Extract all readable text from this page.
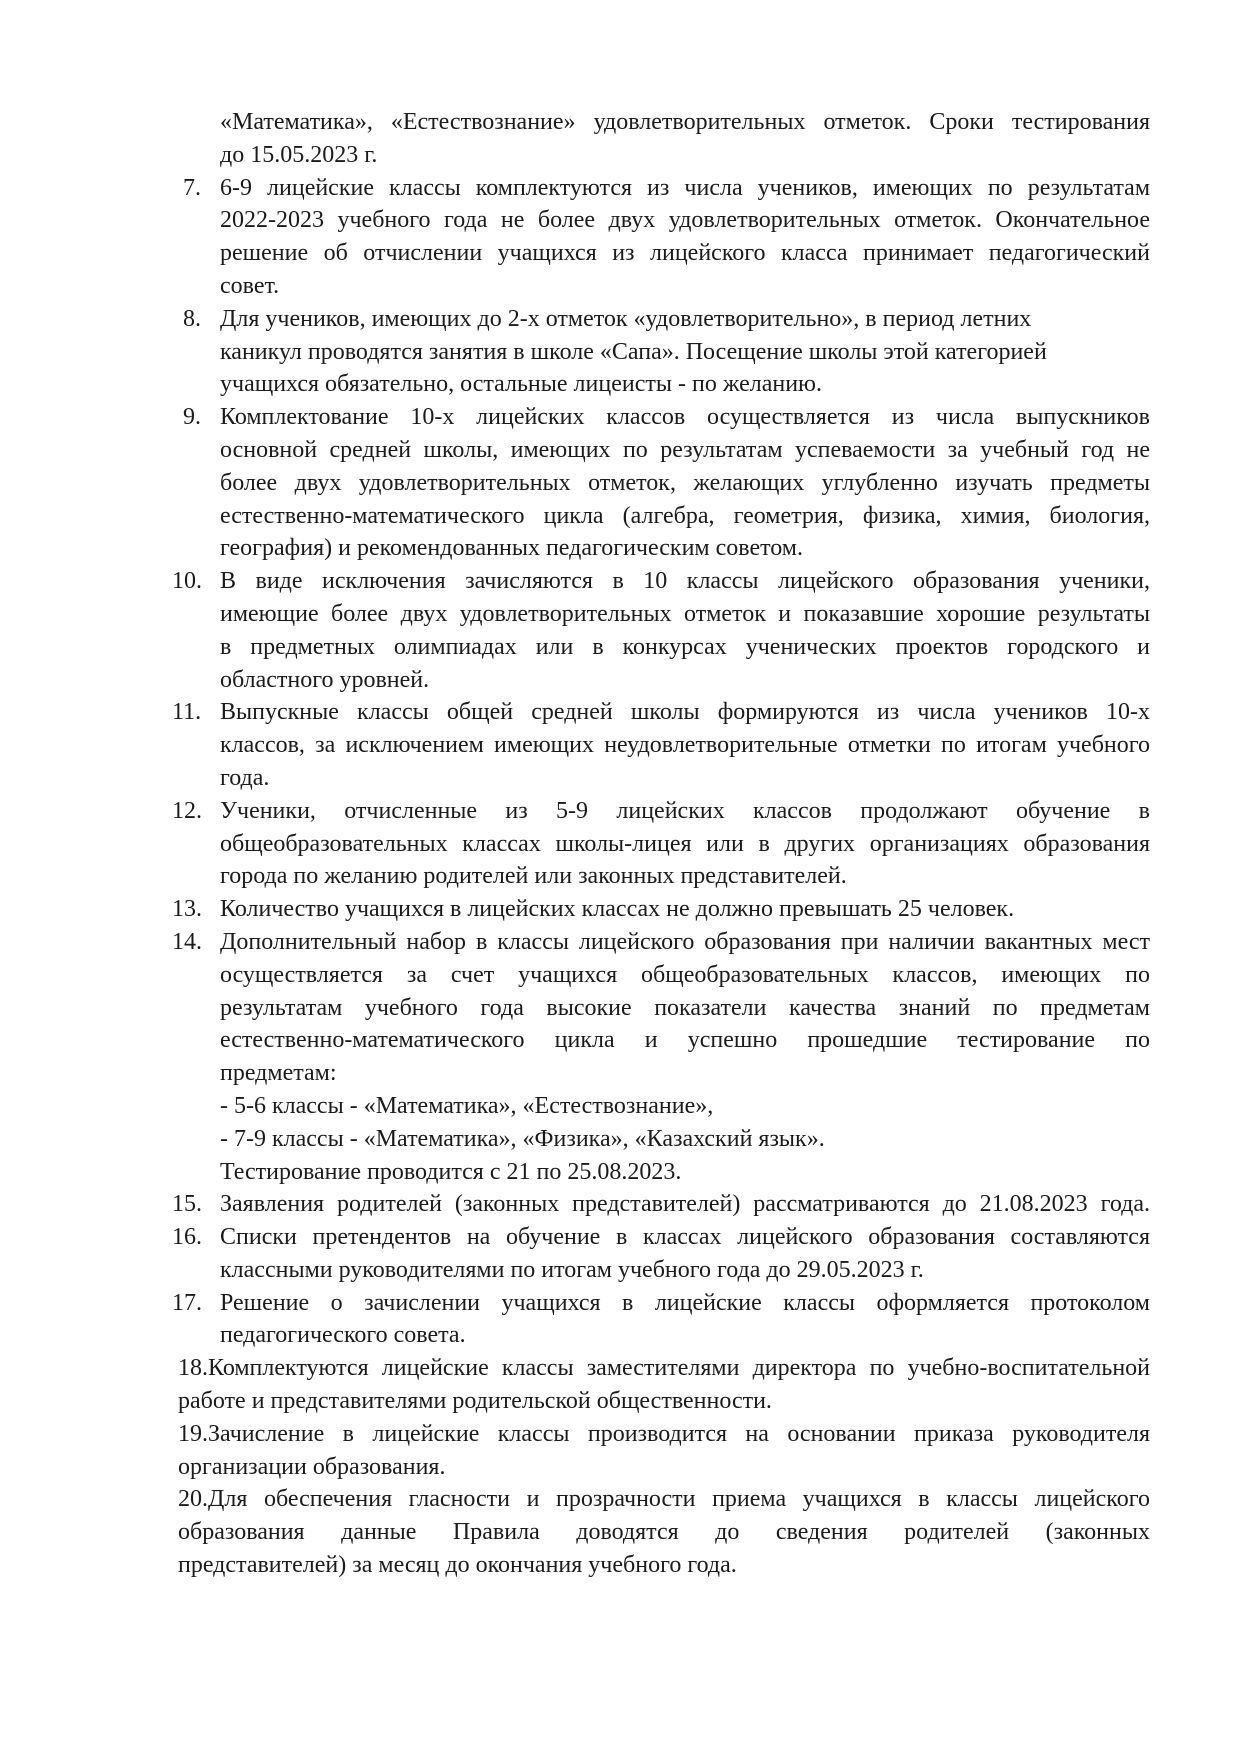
«Математика», «Естествознание» удовлетворительных отметок. Сроки тестирования
до 15.05.2023 г.
7. 6-9 лицейские классы комплектуются из числа учеников, имеющих по результатам
2022-2023 учебного года не более двух удовлетворительных отметок. Окончательное
решение об отчислении учащихся из лицейского класса принимает педагогический
совет.
8. Для учеников, имеющих до 2-х отметок «удовлетворительно», в период летних
каникул проводятся занятия в школе «Сапа». Посещение школы этой категорией
учащихся обязательно, остальные лицеисты - по желанию.
9. Комплектование 10-х лицейских классов осуществляется из числа выпускников
основной средней школы, имеющих по результатам успеваемости за учебный год не
более двух удовлетворительных отметок, желающих углубленно изучать предметы
естественно-математического цикла (алгебра, геометрия, физика, химия, биология,
география) и рекомендованных педагогическим советом.
10. В виде исключения зачисляются в 10 классы лицейского образования ученики,
имеющие более двух удовлетворительных отметок и показавшие хорошие результаты
в предметных олимпиадах или в конкурсах ученических проектов городского и
областного уровней.
11. Выпускные классы общей средней школы формируются из числа учеников 10-х
классов, за исключением имеющих неудовлетворительные отметки по итогам учебного
года.
12. Ученики, отчисленные из 5-9 лицейских классов продолжают обучение в
общеобразовательных классах школы-лицея или в других организациях образования
города по желанию родителей или законных представителей.
13. Количество учащихся в лицейских классах не должно превышать 25 человек.
14. Дополнительный набор в классы лицейского образования при наличии вакантных мест
осуществляется за счет учащихся общеобразовательных классов, имеющих по
результатам учебного года высокие показатели качества знаний по предметам
естественно-математического цикла и успешно прошедшие тестирование по
предметам:
- 5-6 классы - «Математика», «Естествознание»,
- 7-9 классы - «Математика», «Физика», «Казахский язык».
Тестирование проводится с 21 по 25.08.2023.
15. Заявления родителей (законных представителей) рассматриваются до 21.08.2023 года.
16. Списки претендентов на обучение в классах лицейского образования составляются
классными руководителями по итогам учебного года до 29.05.2023 г.
17. Решение о зачислении учащихся в лицейские классы оформляется протоколом
педагогического совета.
18.Комплектуются лицейские классы заместителями директора по учебно-воспитательной
работе и представителями родительской общественности.
19.Зачисление в лицейские классы производится на основании приказа руководителя
организации образования.
20.Для обеспечения гласности и прозрачности приема учащихся в классы лицейского
образования данные Правила доводятся до сведения родителей (законных
представителей) за месяц до окончания учебного года.
